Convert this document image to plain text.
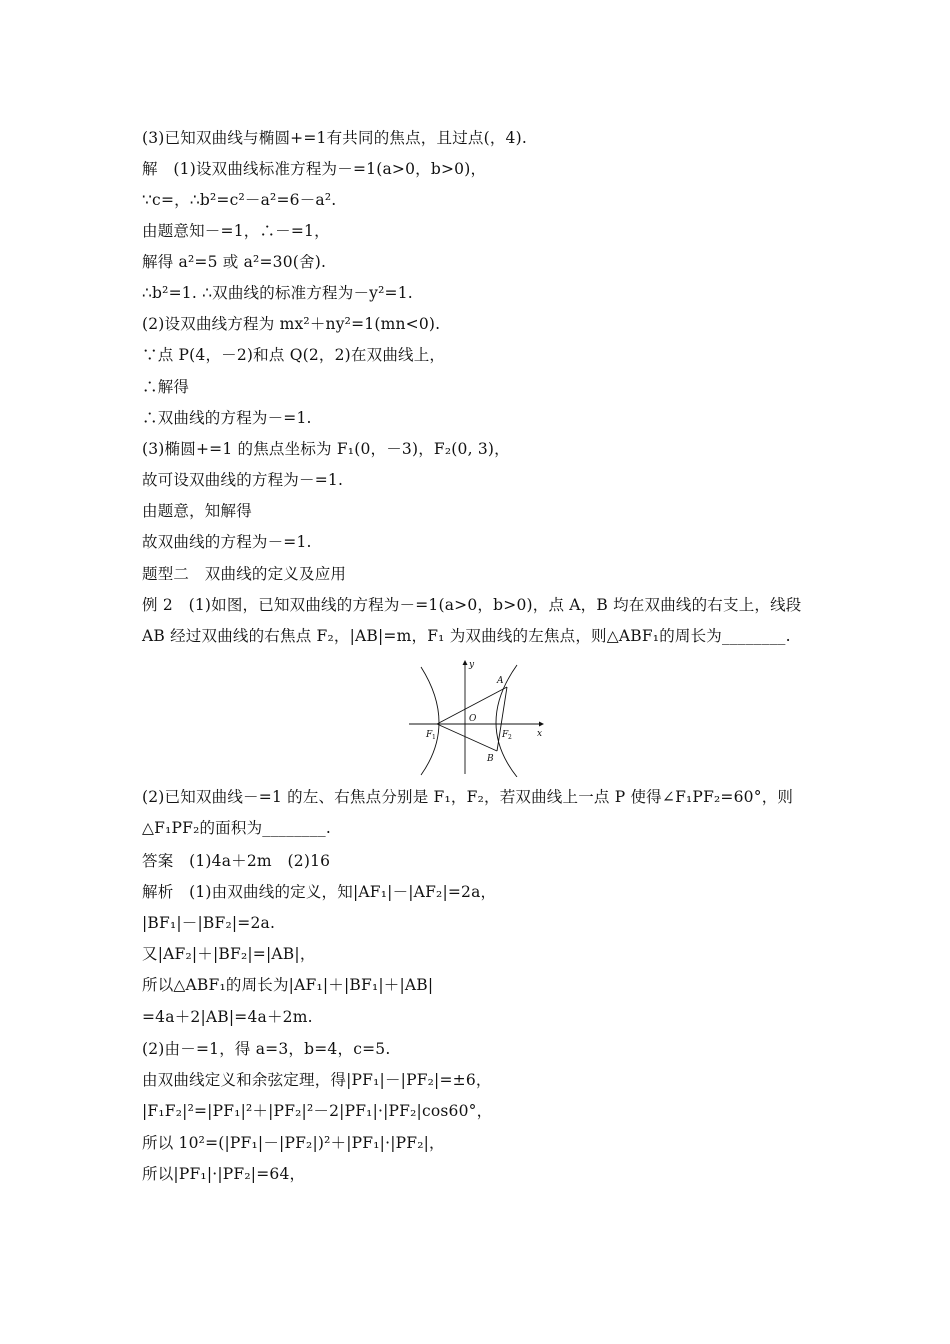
(3)已知双曲线与椭圆+=1有共同的焦点，且过点(，4).
解　(1)设双曲线标准方程为－=1(a>0，b>0)，
∵c=，∴b²=c²－a²=6－a².
由题意知－=1，∴－=1，
解得 a²=5 或 a²=30(舍).
∴b²=1. ∴双曲线的标准方程为－y²=1.
(2)设双曲线方程为 mx²＋ny²=1(mn<0).
∵点 P(4，－2)和点 Q(2，2)在双曲线上，
∴解得
∴双曲线的方程为－=1.
(3)椭圆+=1 的焦点坐标为 F₁(0，－3)，F₂(0, 3)，
故可设双曲线的方程为－=1.
由题意，知解得
故双曲线的方程为－=1.
题型二　双曲线的定义及应用
例 2　(1)如图，已知双曲线的方程为－=1(a>0，b>0)，点 A，B 均在双曲线的右支上，线段 AB 经过双曲线的右焦点 F₂，|AB|=m，F₁ 为双曲线的左焦点，则△ABF₁的周长为________.
y
x
A
B
O
F 1	F 2
(2)已知双曲线－=1 的左、右焦点分别是 F₁，F₂，若双曲线上一点 P 使得∠F₁PF₂=60°，则
△F₁PF₂的面积为________.
答案　(1)4a＋2m　(2)16
解析　(1)由双曲线的定义，知|AF₁|－|AF₂|=2a，
|BF₁|－|BF₂|=2a.
又|AF₂|＋|BF₂|=|AB|，
所以△ABF₁的周长为|AF₁|＋|BF₁|＋|AB|
=4a＋2|AB|=4a＋2m.
(2)由－=1，得 a=3，b=4，c=5.
由双曲线定义和余弦定理，得|PF₁|－|PF₂|=±6，
|F₁F₂|²=|PF₁|²＋|PF₂|²－2|PF₁|·|PF₂|cos60°，
所以 10²=(|PF₁|－|PF₂|)²＋|PF₁|·|PF₂|，
所以|PF₁|·|PF₂|=64，
